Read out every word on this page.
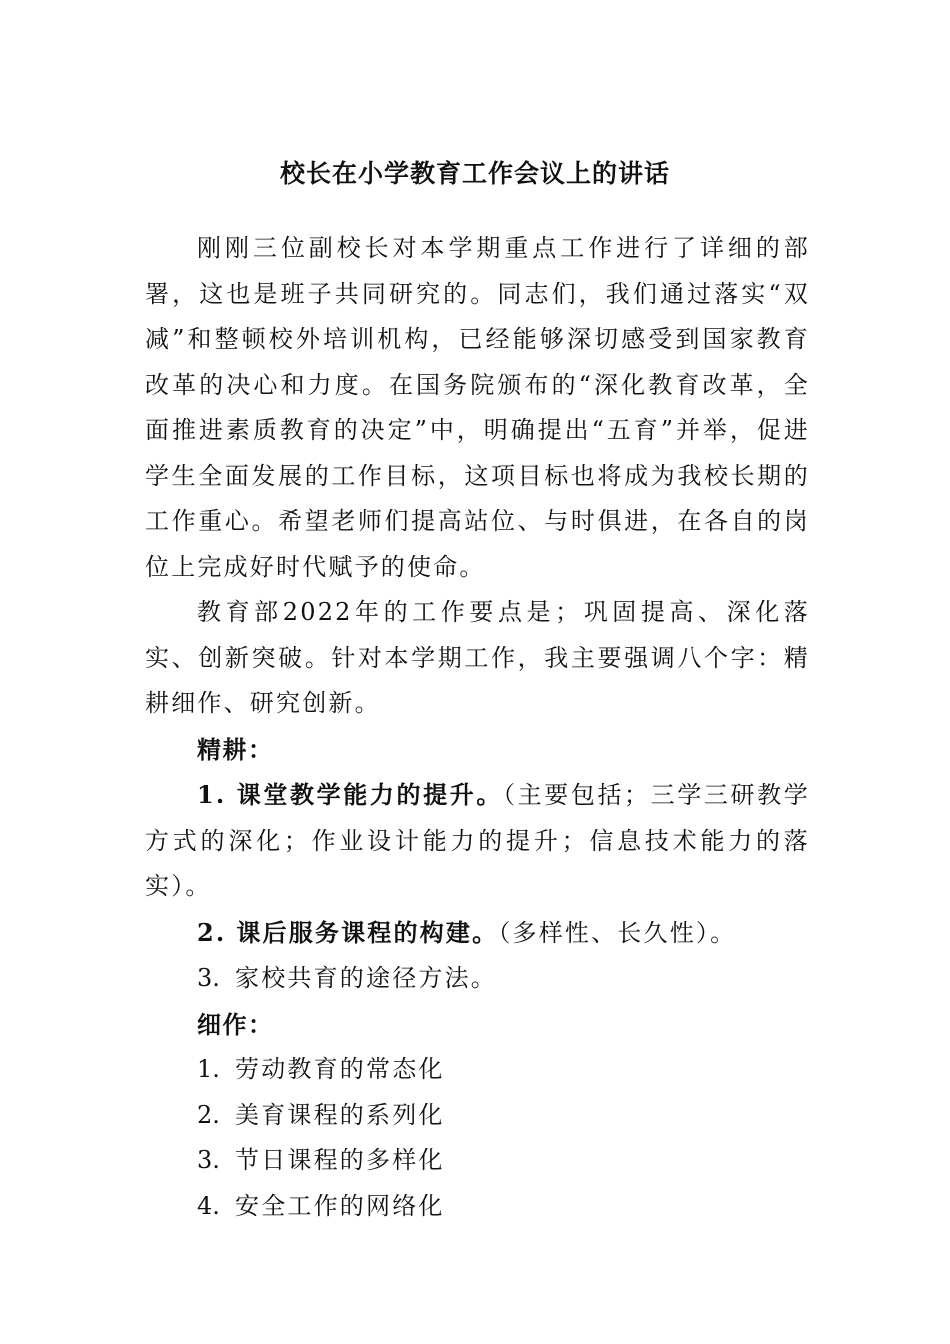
校长在小学教育工作会议上的讲话

刚刚三位副校长对本学期重点工作进行了详细的部署，这也是班子共同研究的。同志们，我们通过落实“双减”和整顿校外培训机构，已经能够深切感受到国家教育改革的决心和力度。在国务院颁布的“深化教育改革，全面推进素质教育的决定”中，明确提出“五育”并举，促进学生全面发展的工作目标，这项目标也将成为我校长期的工作重心。希望老师们提高站位、与时俱进，在各自的岗位上完成好时代赋予的使命。

教育部2022年的工作要点是；巩固提高、深化落实、创新突破。针对本学期工作，我主要强调八个字：精耕细作、研究创新。

精耕：

1. 课堂教学能力的提升。（主要包括；三学三研教学方式的深化；作业设计能力的提升；信息技术能力的落实）。

2. 课后服务课程的构建。（多样性、长久性）。

3. 家校共育的途径方法。

细作：

1. 劳动教育的常态化

2. 美育课程的系列化

3. 节日课程的多样化

4. 安全工作的网络化
